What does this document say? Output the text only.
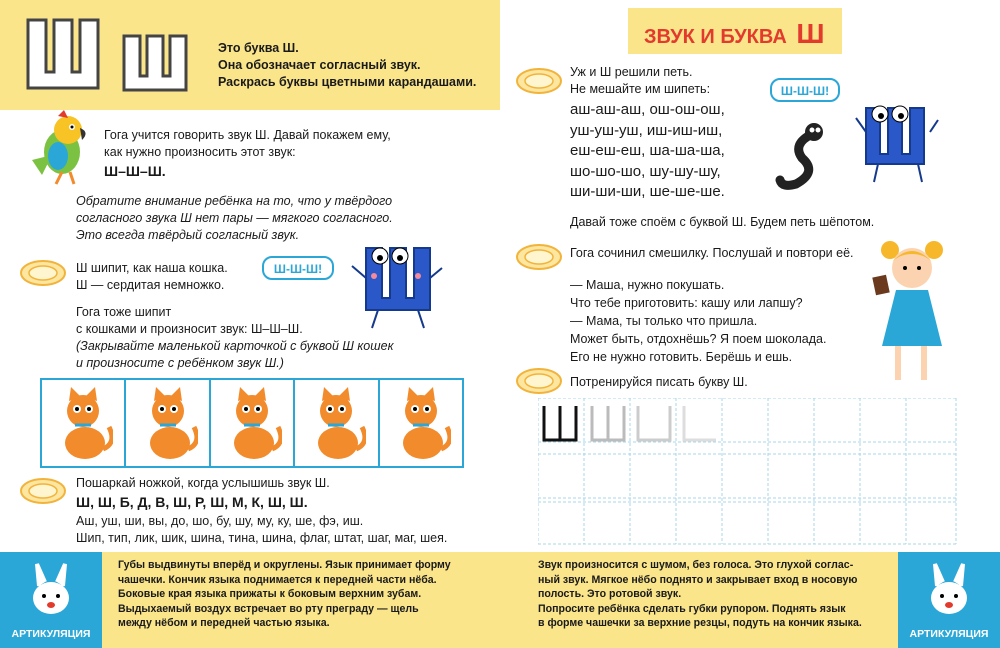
Это буква Ш.
Она обозначает согласный звук.
Раскрась буквы цветными карандашами.
Гога учится говорить звук Ш. Давай покажем ему,
как нужно произносить этот звук:
Ш–Ш–Ш.
Обратите внимание ребёнка на то, что у твёрдого
согласного звука Ш нет пары — мягкого согласного.
Это всегда твёрдый согласный звук.
Ш шипит, как наша кошка.
Ш — сердитая немножко.
Ш-Ш-Ш!
Гога тоже шипит
с кошками и произносит звук: Ш–Ш–Ш.
(Закрывайте маленькой карточкой с буквой Ш кошек
и произносите с ребёнком звук Ш.)
Пошаркай ножкой, когда услышишь звук Ш.
Ш, Ш, Б, Д, В, Ш, Р, Ш, М, К, Ш, Ш.
Аш, уш, ши, вы, до, шо, бу, шу, му, ку, ше, фэ, иш.
Шип, тип, лик, шик, шина, тина, шина, флаг, штат, шаг, маг, шея.
АРТИКУЛЯЦИЯ
Губы выдвинуты вперёд и округлены. Язык принимает форму
чашечки. Кончик языка поднимается к передней части нёба.
Боковые края языка прижаты к боковым верхним зубам.
Выдыхаемый воздух встречает во рту преграду — щель
между нёбом и передней частью языка.
ЗВУК И БУКВА Ш
Уж и Ш решили петь.
Не мешайте им шипеть:
аш-аш-аш, ош-ош-ош,
уш-уш-уш, иш-иш-иш,
еш-еш-еш, ша-ша-ша,
шо-шо-шо, шу-шу-шу,
ши-ши-ши, ше-ше-ше.
Ш-Ш-Ш!
Давай тоже споём с буквой Ш. Будем петь шёпотом.
Гога сочинил смешилку. Послушай и повтори её.
— Маша, нужно покушать.
Что тебе приготовить: кашу или лапшу?
— Мама, ты только что пришла.
Может быть, отдохнёшь? Я поем шоколада.
Его не нужно готовить. Берёшь и ешь.
Потренируйся писать букву Ш.
Звук произносится с шумом, без голоса. Это глухой соглас-
ный звук. Мягкое нёбо поднято и закрывает вход в носовую
полость. Это ротовой звук.
Попросите ребёнка сделать губки рупором. Поднять язык
в форме чашечки за верхние резцы, подуть на кончик языка.
АРТИКУЛЯЦИЯ
